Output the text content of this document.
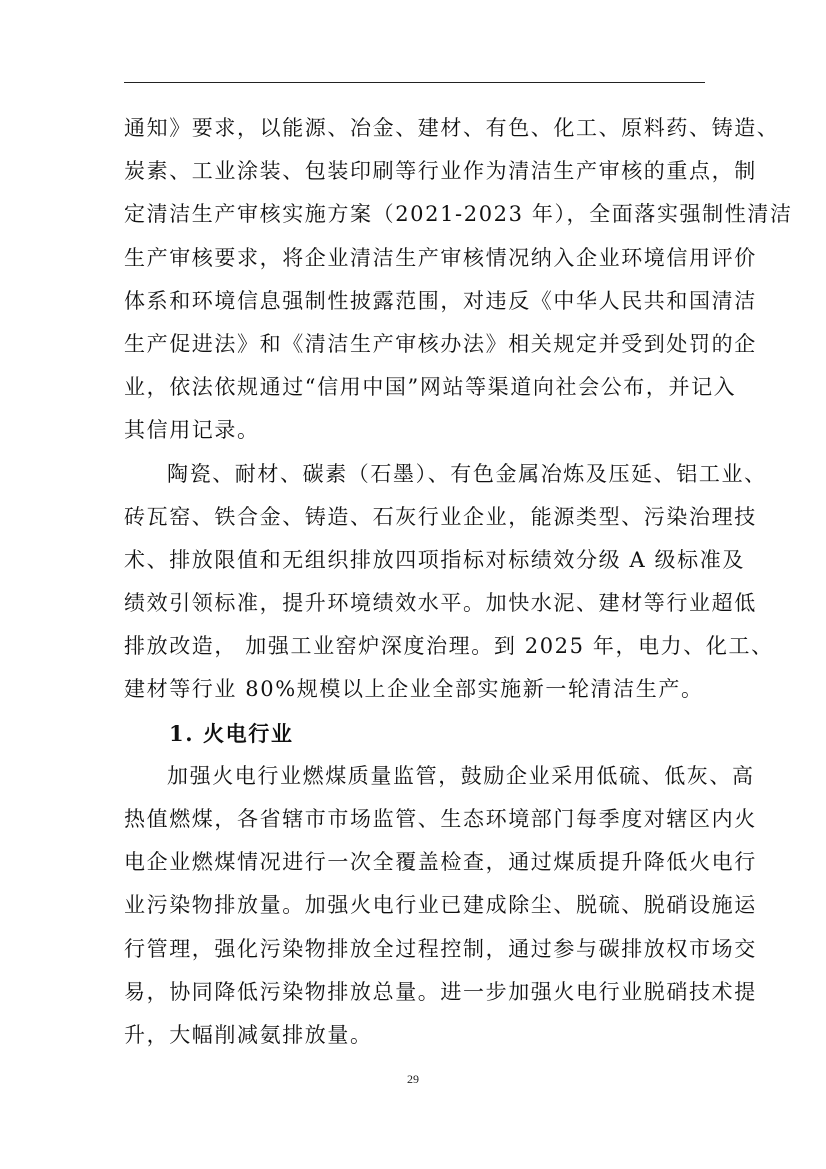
通知》要求，以能源、冶金、建材、有色、化工、原料药、铸造、
炭素、工业涂装、包装印刷等行业作为清洁生产审核的重点，制
定清洁生产审核实施方案（2021-2023 年），全面落实强制性清洁
生产审核要求，将企业清洁生产审核情况纳入企业环境信用评价
体系和环境信息强制性披露范围，对违反《中华人民共和国清洁
生产促进法》和《清洁生产审核办法》相关规定并受到处罚的企
业，依法依规通过“信用中国”网站等渠道向社会公布，并记入
其信用记录。
陶瓷、耐材、碳素（石墨）、有色金属冶炼及压延、铝工业、
砖瓦窑、铁合金、铸造、石灰行业企业，能源类型、污染治理技
术、排放限值和无组织排放四项指标对标绩效分级 A 级标准及
绩效引领标准，提升环境绩效水平。加快水泥、建材等行业超低
排放改造， 加强工业窑炉深度治理。到 2025 年，电力、化工、
建材等行业 80%规模以上企业全部实施新一轮清洁生产。
1. 火电行业
加强火电行业燃煤质量监管，鼓励企业采用低硫、低灰、高
热值燃煤，各省辖市市场监管、生态环境部门每季度对辖区内火
电企业燃煤情况进行一次全覆盖检查，通过煤质提升降低火电行
业污染物排放量。加强火电行业已建成除尘、脱硫、脱硝设施运
行管理，强化污染物排放全过程控制，通过参与碳排放权市场交
易，协同降低污染物排放总量。进一步加强火电行业脱硝技术提
升，大幅削减氨排放量。
29
